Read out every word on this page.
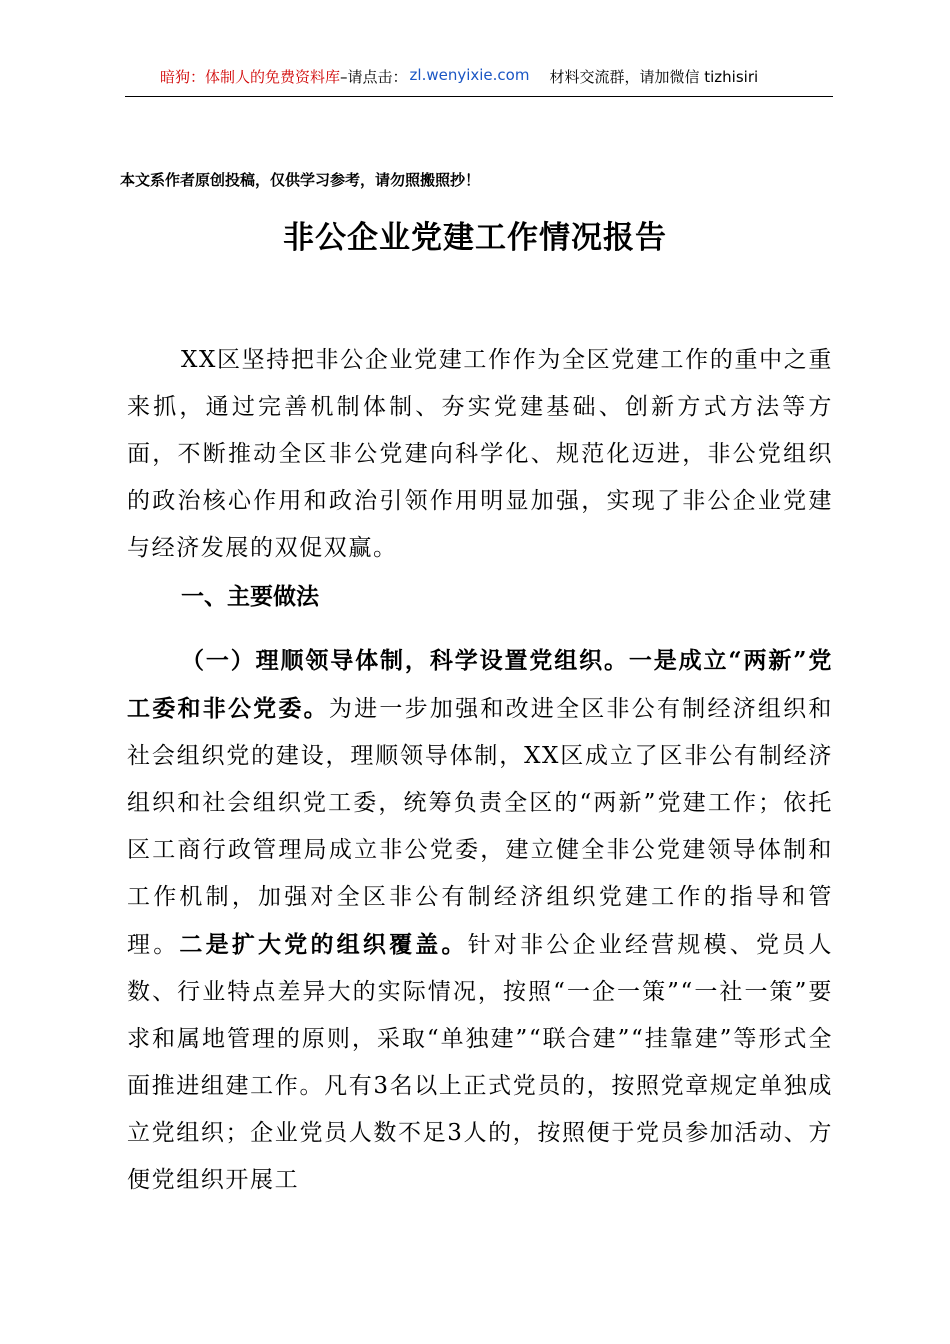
暗狗：体制人的免费资料库 –请点击： zl.wenyixie.com 材料交流群，请加微信 tizhisiri
本文系作者原创投稿，仅供学习参考，请勿照搬照抄！
非公企业党建工作情况报告
XX区坚持把非公企业党建工作作为全区党建工作的重中之重来抓，通过完善机制体制、夯实党建基础、创新方式方法等方面，不断推动全区非公党建向科学化、规范化迈进，非公党组织的政治核心作用和政治引领作用明显加强，实现了非公企业党建与经济发展的双促双赢。
一、主要做法
（一）理顺领导体制，科学设置党组织。一是成立“两新”党工委和非公党委。为进一步加强和改进全区非公有制经济组织和社会组织党的建设，理顺领导体制，XX区成立了区非公有制经济组织和社会组织党工委，统筹负责全区的“两新”党建工作；依托区工商行政管理局成立非公党委，建立健全非公党建领导体制和工作机制，加强对全区非公有制经济组织党建工作的指导和管理。二是扩大党的组织覆盖。针对非公企业经营规模、党员人数、行业特点差异大的实际情况，按照“一企一策”“一社一策”要求和属地管理的原则，采取“单独建”“联合建”“挂靠建”等形式全面推进组建工作。凡有3名以上正式党员的，按照党章规定单独成立党组织；企业党员人数不足3人的，按照便于党员参加活动、方便党组织开展工
